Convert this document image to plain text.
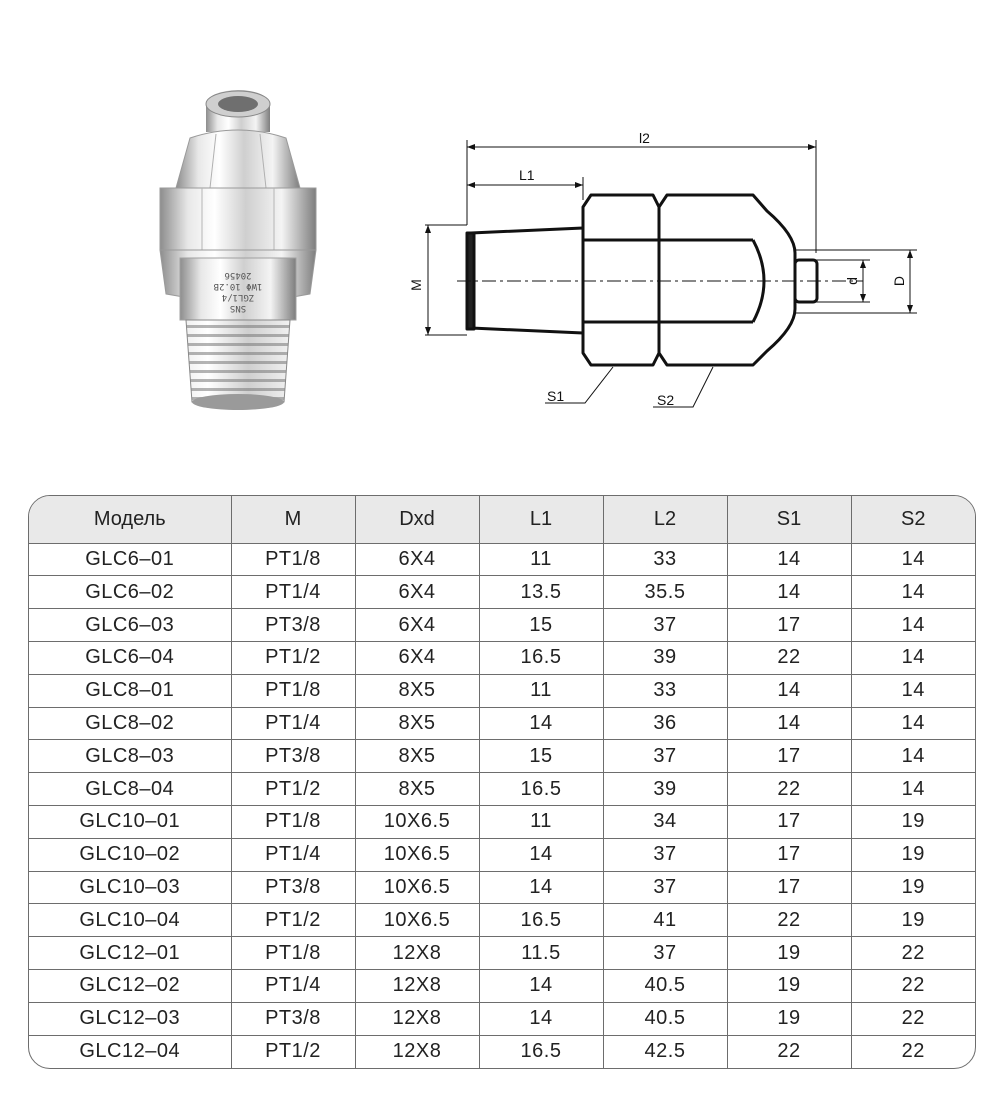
SNS
ZGL1/4
1WΦ 10.2B
20456
l2
L1
M	d D
S1	S2
Модель	M	Dxd	L1	L2	S1	S2
GLC6–01	PT1/8	6X4	11	33	14	14
GLC6–02	PT1/4	6X4	13.5	35.5	14	14
GLC6–03	PT3/8	6X4	15	37	17	14
GLC6–04	PT1/2	6X4	16.5	39	22	14
GLC8–01	PT1/8	8X5	11	33	14	14
GLC8–02	PT1/4	8X5	14	36	14	14
GLC8–03	PT3/8	8X5	15	37	17	14
GLC8–04	PT1/2	8X5	16.5	39	22	14
GLC10–01	PT1/8	10X6.5	11	34	17	19
GLC10–02	PT1/4	10X6.5	14	37	17	19
GLC10–03	PT3/8	10X6.5	14	37	17	19
GLC10–04	PT1/2	10X6.5	16.5	41	22	19
GLC12–01	PT1/8	12X8	11.5	37	19	22
GLC12–02	PT1/4	12X8	14	40.5	19	22
GLC12–03	PT3/8	12X8	14	40.5	19	22
GLC12–04	PT1/2	12X8	16.5	42.5	22	22
